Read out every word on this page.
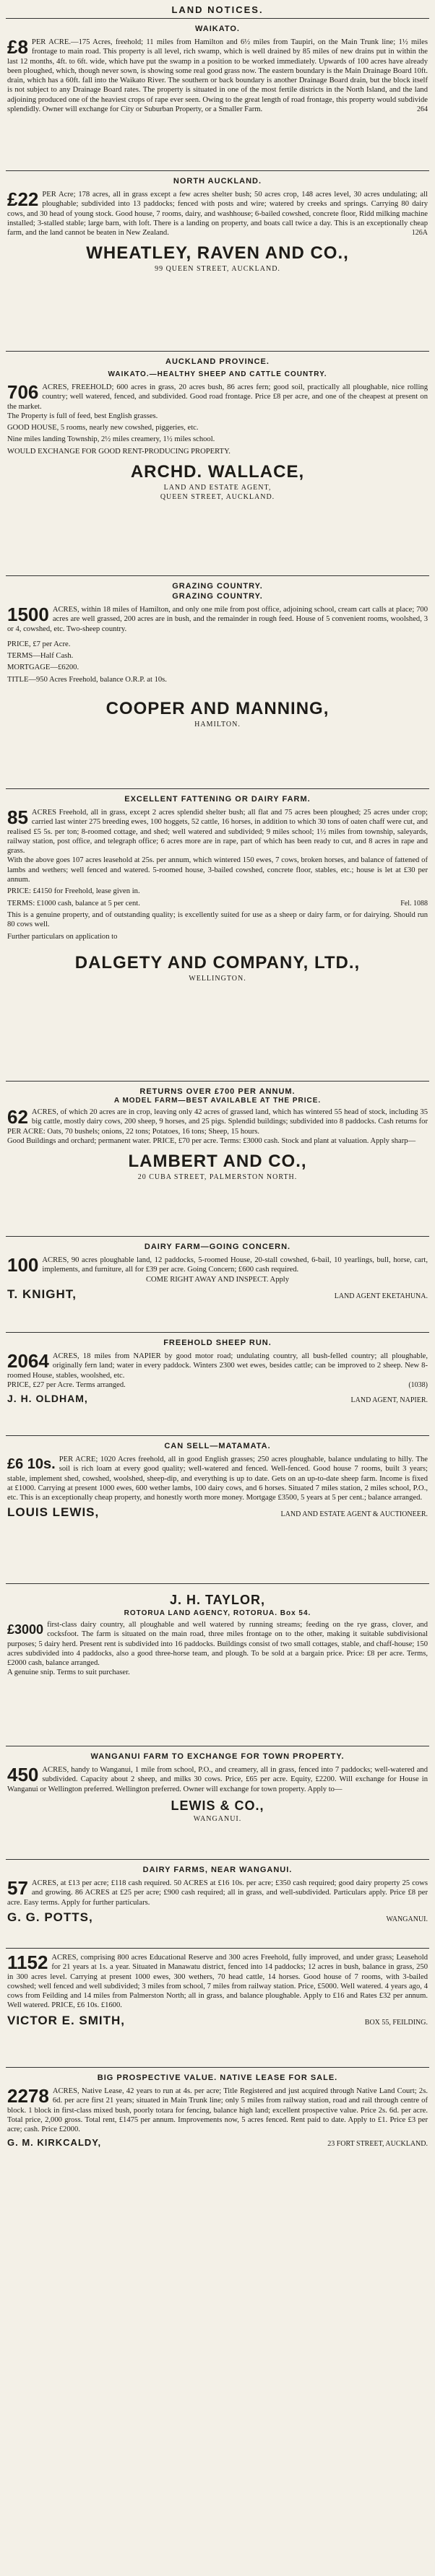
LAND NOTICES.
WAIKATO.
£8 PER ACRE.—175 Acres, freehold; 11 miles from Hamilton and 6½ miles from Taupiri, on the Main Trunk line; 1½ miles frontage to main road. This property is all level, rich swamp, which is well drained by 85 miles of new drains put in within the last 12 months, 4ft. to 6ft. wide, which have put the swamp in a position to be worked immediately. Upwards of 100 acres have already been ploughed, which, though never sown, is showing some real good grass now. The eastern boundary is the Main Drainage Board 10ft. drain, which has a 60ft. fall into the Waikato River. The southern or back boundary is another Drainage Board drain, but the block itself is not subject to any Drainage Board rates. The property is situated in one of the most fertile districts in the North Island, and the land adjoining produced one of the heaviest crops of rape ever seen. Owing to the great length of road frontage, this property would subdivide splendidly. Owner will exchange for City or Suburban Property, or a Smaller Farm.	264
NORTH AUCKLAND.
£22 PER Acre; 178 acres, all in grass except a few acres shelter bush; 50 acres crop, 148 acres level, 30 acres undulating; all ploughable; subdivided into 13 paddocks; fenced with posts and wire; watered by creeks and springs. Carrying 80 dairy cows, and 30 head of young stock. Good house, 7 rooms, dairy, and washhouse; 6-bailed cowshed, concrete floor, Ridd milking machine installed; 3-stalled stable; large barn, with loft. There is a landing on property, and boats call twice a day. This is an exceptionally cheap farm, and the land cannot be beaten in New Zealand.	126A
WHEATLEY, RAVEN AND CO.,
99 QUEEN STREET, AUCKLAND.
AUCKLAND PROVINCE.
WAIKATO.—HEALTHY SHEEP AND CATTLE COUNTRY.
706 ACRES, FREEHOLD; 600 acres in grass, 20 acres bush, 86 acres fern; good soil, practically all ploughable, nice rolling country; well watered, fenced, and subdivided. Good road frontage. Price £8 per acre, and one of the cheapest at present on the market.

The Property is full of feed, best English grasses.

GOOD HOUSE, 5 rooms, nearly new cowshed, piggeries, etc.

Nine miles landing Township, 2½ miles creamery, 1½ miles school.

WOULD EXCHANGE FOR GOOD RENT-PRODUCING PROPERTY.

ARCHD. WALLACE,
LAND AND ESTATE AGENT,
QUEEN STREET, AUCKLAND.
GRAZING COUNTRY.
GRAZING COUNTRY.
1500 ACRES, within 18 miles of Hamilton, and only one mile from post office, adjoining school, cream cart calls at place; 700 acres are well grassed, 200 acres are in bush, and the remainder in rough feed. House of 5 convenient rooms, woolshed, 3 or 4, cowshed, etc. Two-sheep country.

PRICE, £7 per Acre.

TERMS—Half Cash.

MORTGAGE—£6200.

TITLE—950 Acres Freehold, balance O.R.P. at 10s.

COOPER AND MANNING,
HAMILTON.
EXCELLENT FATTENING OR DAIRY FARM.
85 ACRES Freehold, all in grass, except 2 acres splendid shelter bush; all flat and 75 acres been ploughed; 25 acres under crop; carried last winter 275 breeding ewes, 100 hoggets, 52 cattle, 16 horses, in addition to which 30 tons of oaten chaff were cut, and realised £5 5s. per ton; 8-roomed cottage, and shed; well watered and subdivided; 9 miles school; 1½ miles from township, saleyards, railway station, post office, and telegraph office; 6 acres more are in rape, part of which has been ready to cut, and 8 acres in rape and grass.

With the above goes 107 acres leasehold at 25s. per annum, which wintered 150 ewes, 7 cows, broken horses, and balance of fattened of lambs and wethers; well fenced and watered. 5-roomed house, 3-bailed cowshed, concrete floor, stables, etc.; house is let at £30 per annum.

PRICE: £4150 for Freehold, lease given in.

TERMS: £1000 cash, balance at 5 per cent.	Fel. 1088

This is a genuine property, and of outstanding quality; is excellently suited for use as a sheep or dairy farm, or for dairying. Should run 80 cows well.

Further particulars on application to

DALGETY AND COMPANY, LTD.,
WELLINGTON.
RETURNS OVER £700 PER ANNUM.
A MODEL FARM—BEST AVAILABLE AT THE PRICE.
62 ACRES, of which 20 acres are in crop, leaving only 42 acres of grassed land, which has wintered 55 head of stock, including 35 big cattle, mostly dairy cows, 200 sheep, 9 horses, and 25 pigs. Splendid buildings; subdivided into 8 paddocks. Cash returns for PER ACRE: Oats, 70 bushels; onions, 22 tons; Potatoes, 16 tons; Sheep, 15 hours.

Good Buildings and orchard; permanent water. PRICE, £70 per acre. Terms: £3000 cash. Stock and plant at valuation. Apply sharp—

LAMBERT AND CO.,
20 CUBA STREET, PALMERSTON NORTH.
DAIRY FARM—GOING CONCERN.
100 ACRES, 90 acres ploughable land, 12 paddocks, 5-roomed House, 20-stall cowshed, 6-bail, 10 yearlings, bull, horse, cart, implements, and furniture, all for £39 per acre. Going Concern; £600 cash required.

COME RIGHT AWAY AND INSPECT. Apply

T. KNIGHT,	LAND AGENT EKETAHUNA.
FREEHOLD SHEEP RUN.
2064 ACRES, 18 miles from NAPIER by good motor road; undulating country, all bush-felled country; all ploughable, originally fern land; water in every paddock. Winters 2300 wet ewes, besides cattle; can be improved to 2 sheep. New 8-roomed House, stables, woolshed, etc.

PRICE, £27 per Acre. Terms arranged.	(1038)

J. H. OLDHAM,	LAND AGENT, NAPIER.
CAN SELL—MATAMATA.
£6 10s. PER ACRE; 1020 Acres freehold, all in good English grasses; 250 acres ploughable, balance undulating to hilly. The soil is rich loam at every good quality; well-watered and fenced. Well-fenced. Good house 7 rooms, built 3 years; stable, implement shed, cowshed, woolshed, sheep-dip, and everything is up to date. Gets on an up-to-date sheep farm. Income is fixed at £1000. Carrying at present 1000 ewes, 600 wether lambs, 100 dairy cows, and 6 horses. Situated 7 miles station, 2 miles school, P.O., etc. This is an exceptionally cheap property, and honestly worth more money. Mortgage £3500, 5 years at 5 per cent.; balance arranged.
LOUIS LEWIS,	LAND AND ESTATE AGENT & AUCTIONEER.
J. H. TAYLOR,
ROTORUA LAND AGENCY, ROTORUA. Box 54.
£3000 first-class dairy country, all ploughable and well watered by running streams; feeding on the rye grass, clover, and cocksfoot. The farm is situated on the main road, three miles frontage on to the other, making it suitable subdivisional purposes; 5 dairy herd. Present rent is subdivided into 16 paddocks. Buildings consist of two small cottages, stable, and chaff-house; 150 acres subdivided into 4 paddocks, also a good three-horse team, and plough. To be sold at a bargain price. Price: £8 per acre. Terms, £2000 cash, balance arranged.

A genuine snip. Terms to suit purchaser.

WANGANUI FARM TO EXCHANGE FOR TOWN PROPERTY.
450 ACRES, handy to Wanganui, 1 mile from school, P.O., and creamery, all in grass, fenced into 7 paddocks; well-watered and subdivided. Capacity about 2 sheep, and milks 30 cows. Price, £65 per acre. Equity, £2200. Will exchange for House in Wanganui or Wellington preferred. Wellington preferred. Owner will exchange for town property. Apply to—
LEWIS & CO.,
WANGANUI.
DAIRY FARMS, NEAR WANGANUI.
57 ACRES, at £13 per acre; £118 cash required. 50 ACRES at £16 10s. per acre; £350 cash required; good dairy property 25 cows and growing. 86 ACRES at £25 per acre; £900 cash required; all in grass, and well-subdivided. Particulars apply. Price £8 per acre. Easy terms. Apply for further particulars.
G. G. POTTS,	WANGANUI.
1152 ACRES, comprising 800 acres Educational Reserve and 300 acres Freehold, fully improved, and under grass; Leasehold for 21 years at 1s. a year. Situated in Manawatu district, fenced into 14 paddocks; 12 acres in bush, balance in grass, 250 in 300 acres level. Carrying at present 1000 ewes, 300 wethers, 70 head cattle, 14 horses. Good house of 7 rooms, with 3-bailed cowshed; well fenced and well subdivided; 3 miles from school, 7 miles from railway station. Price, £5000. Well watered. 4 years ago, 4 cows from Feilding and 14 miles from Palmerston North; all in grass, and balance ploughable. Apply to £16 and Rates £32 per annum. Well watered. PRICE, £6 10s. £1600.
VICTOR E. SMITH,	BOX 55, FEILDING.
BIG PROSPECTIVE VALUE. NATIVE LEASE FOR SALE.
2278 ACRES, Native Lease, 42 years to run at 4s. per acre; Title Registered and just acquired through Native Land Court; 2s. 6d. per acre first 21 years; situated in Main Trunk line; only 5 miles from railway station, road and rail through centre of block. 1 block in first-class mixed bush, poorly totara for fencing, balance high land; excellent prospective value. Price 2s. 6d. per acre. Total price, 2,000 gross. Total rent, £1475 per annum. Improvements now, 5 acres fenced. Rent paid to date. Apply to £1. Price £3 per acre; cash. Price £2000.
G. M. KIRKCALDY,	23 FORT STREET, AUCKLAND.
